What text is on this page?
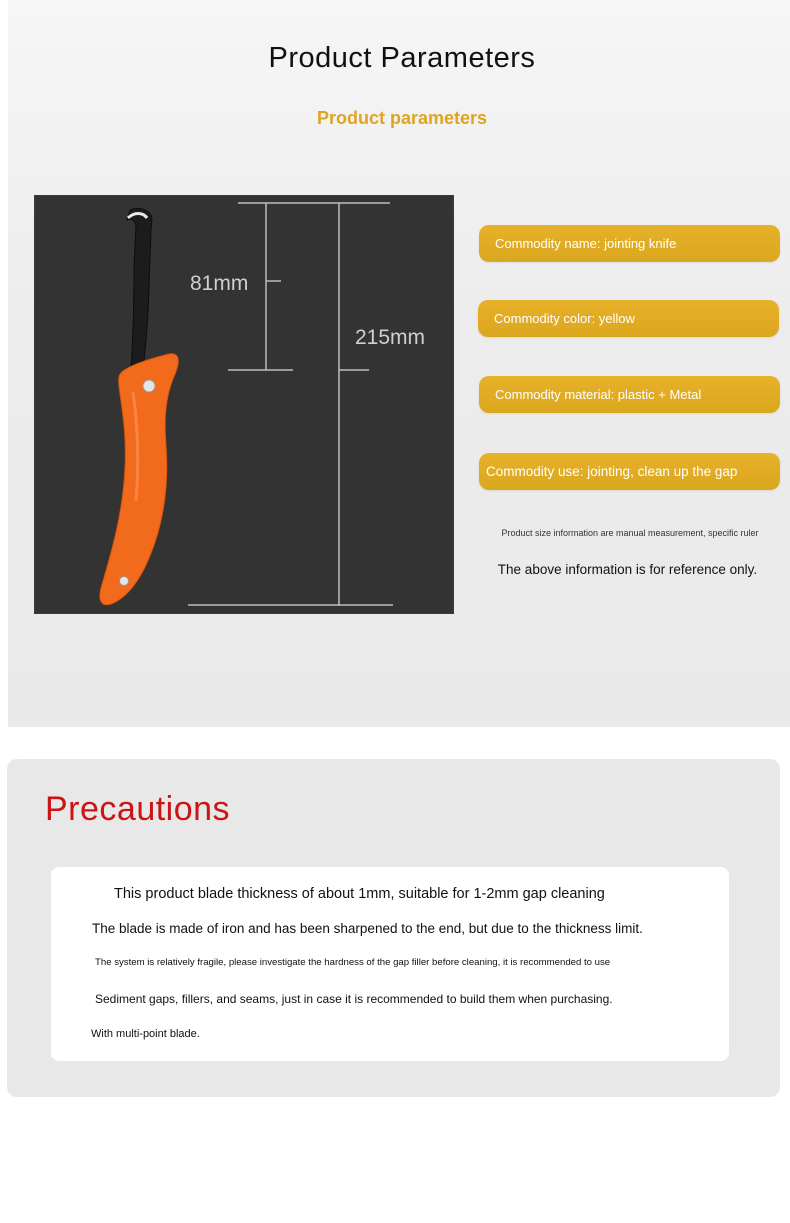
Product Parameters
Product parameters
81mm
215mm
Commodity name: jointing knife
Commodity color: yellow
Commodity material: plastic + Metal
Commodity use: jointing, clean up the gap
Product size information are manual measurement, specific ruler
The above information is for reference only.
Precautions
This product blade thickness of about 1mm, suitable for 1-2mm gap cleaning
The blade is made of iron and has been sharpened to the end, but due to the thickness limit.
The system is relatively fragile, please investigate the hardness of the gap filler before cleaning, it is recommended to use
Sediment gaps, fillers, and seams, just in case it is recommended to build them when purchasing.
With multi-point blade.
